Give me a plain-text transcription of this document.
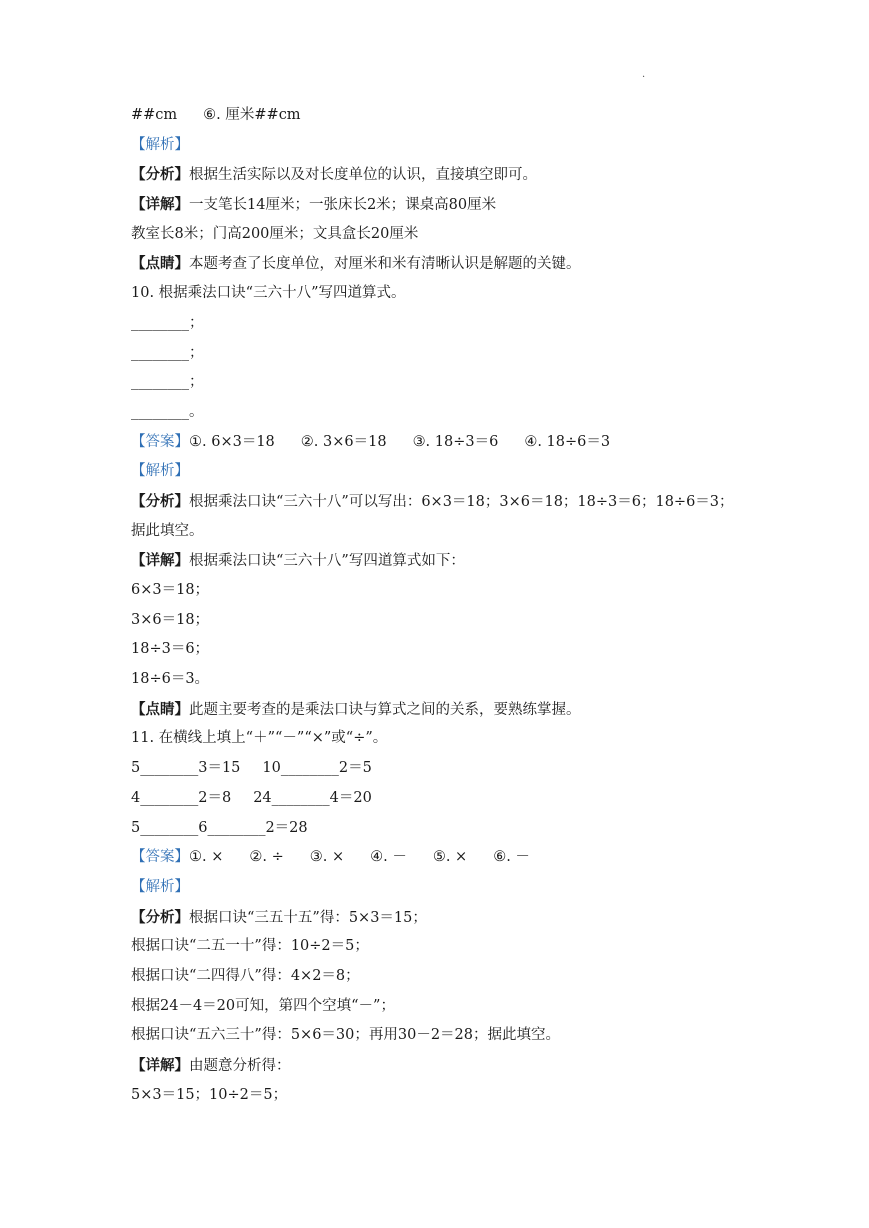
·
##cm ⑥. 厘米##cm
【解析】
【分析】根据生活实际以及对长度单位的认识，直接填空即可。
【详解】一支笔长14厘米；一张床长2米；课桌高80厘米
教室长8米；门高200厘米；文具盒长20厘米
【点睛】本题考查了长度单位，对厘米和米有清晰认识是解题的关键。
10. 根据乘法口诀“三六十八”写四道算式。
________；
________；
________；
________。
【答案】①. 6×3＝18 ②. 3×6＝18 ③. 18÷3＝6 ④. 18÷6＝3
【解析】
【分析】根据乘法口诀“三六十八”可以写出：6×3＝18；3×6＝18；18÷3＝6；18÷6＝3；
据此填空。
【详解】根据乘法口诀“三六十八”写四道算式如下：
6×3＝18；
3×6＝18；
18÷3＝6；
18÷6＝3。
【点睛】此题主要考查的是乘法口诀与算式之间的关系，要熟练掌握。
11. 在横线上填上“＋”“－”“×”或“÷”。
5________3＝15 10________2＝5
4________2＝8 24________4＝20
5________6________2＝28
【答案】①. × ②. ÷ ③. × ④. － ⑤. × ⑥. －
【解析】
【分析】根据口诀“三五十五”得：5×3＝15；
根据口诀“二五一十”得：10÷2＝5；
根据口诀“二四得八”得：4×2＝8；
根据24－4＝20可知，第四个空填“－”；
根据口诀“五六三十”得：5×6＝30；再用30－2＝28；据此填空。
【详解】由题意分析得：
5×3＝15；10÷2＝5；
